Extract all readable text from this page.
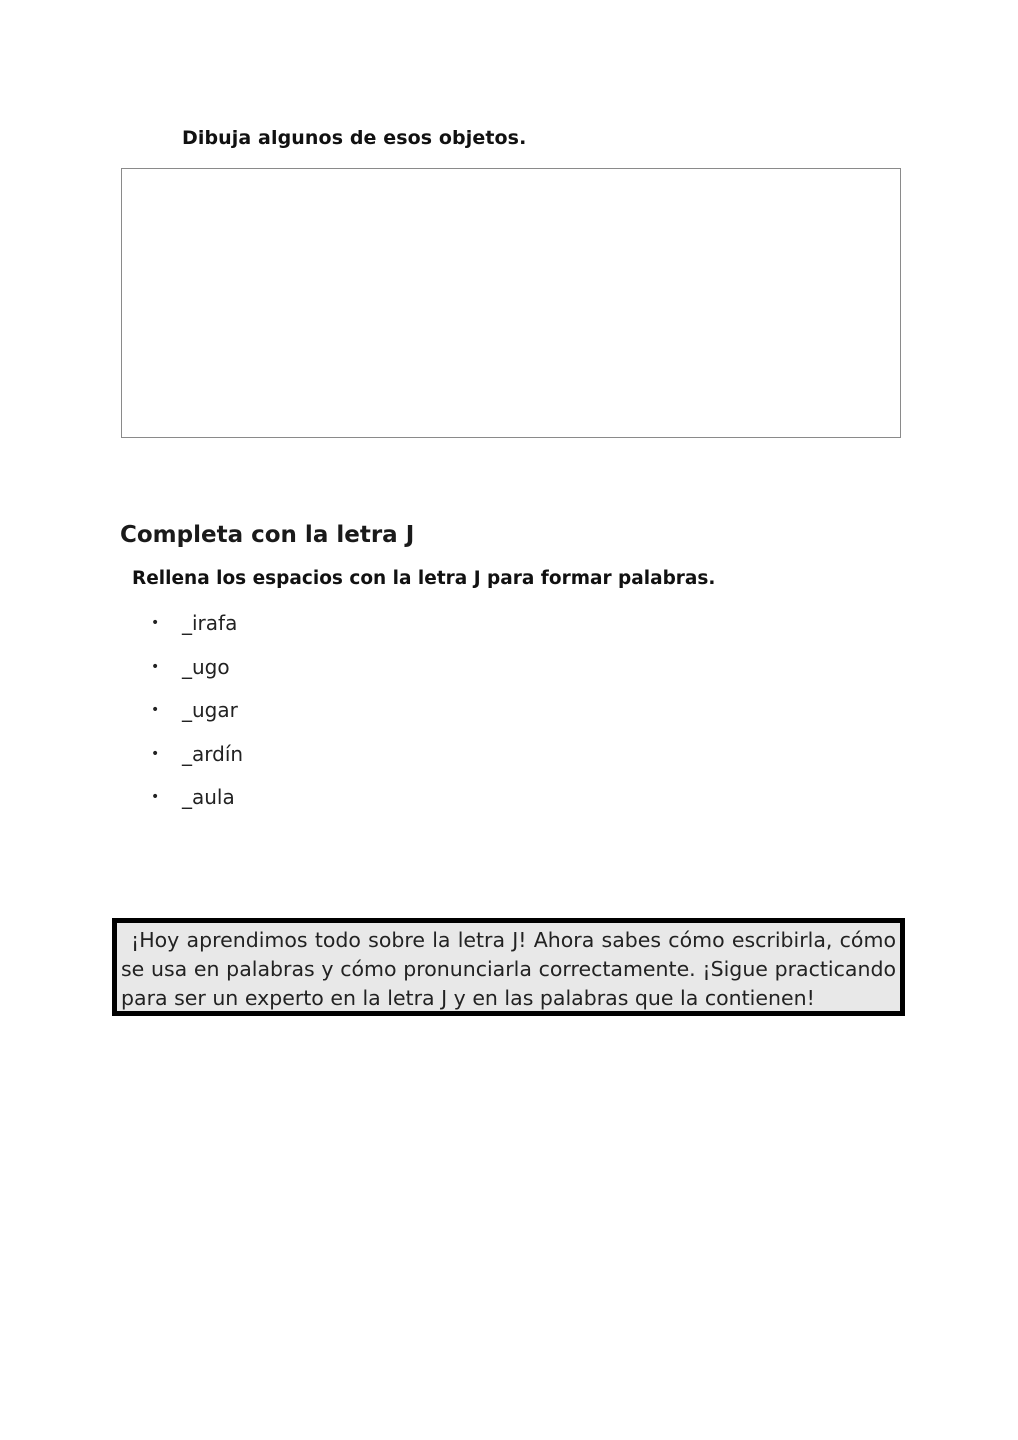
Dibuja algunos de esos objetos.
Completa con la letra J
Rellena los espacios con la letra J para formar palabras.
•	_irafa
•	_ugo
•	_ugar
•	_ardín
•	_aula

¡Hoy aprendimos todo sobre la letra J! Ahora sabes cómo escribirla, cómo se usa en palabras y cómo pronunciarla correctamente. ¡Sigue practicando para ser un experto en la letra J y en las palabras que la contienen!
